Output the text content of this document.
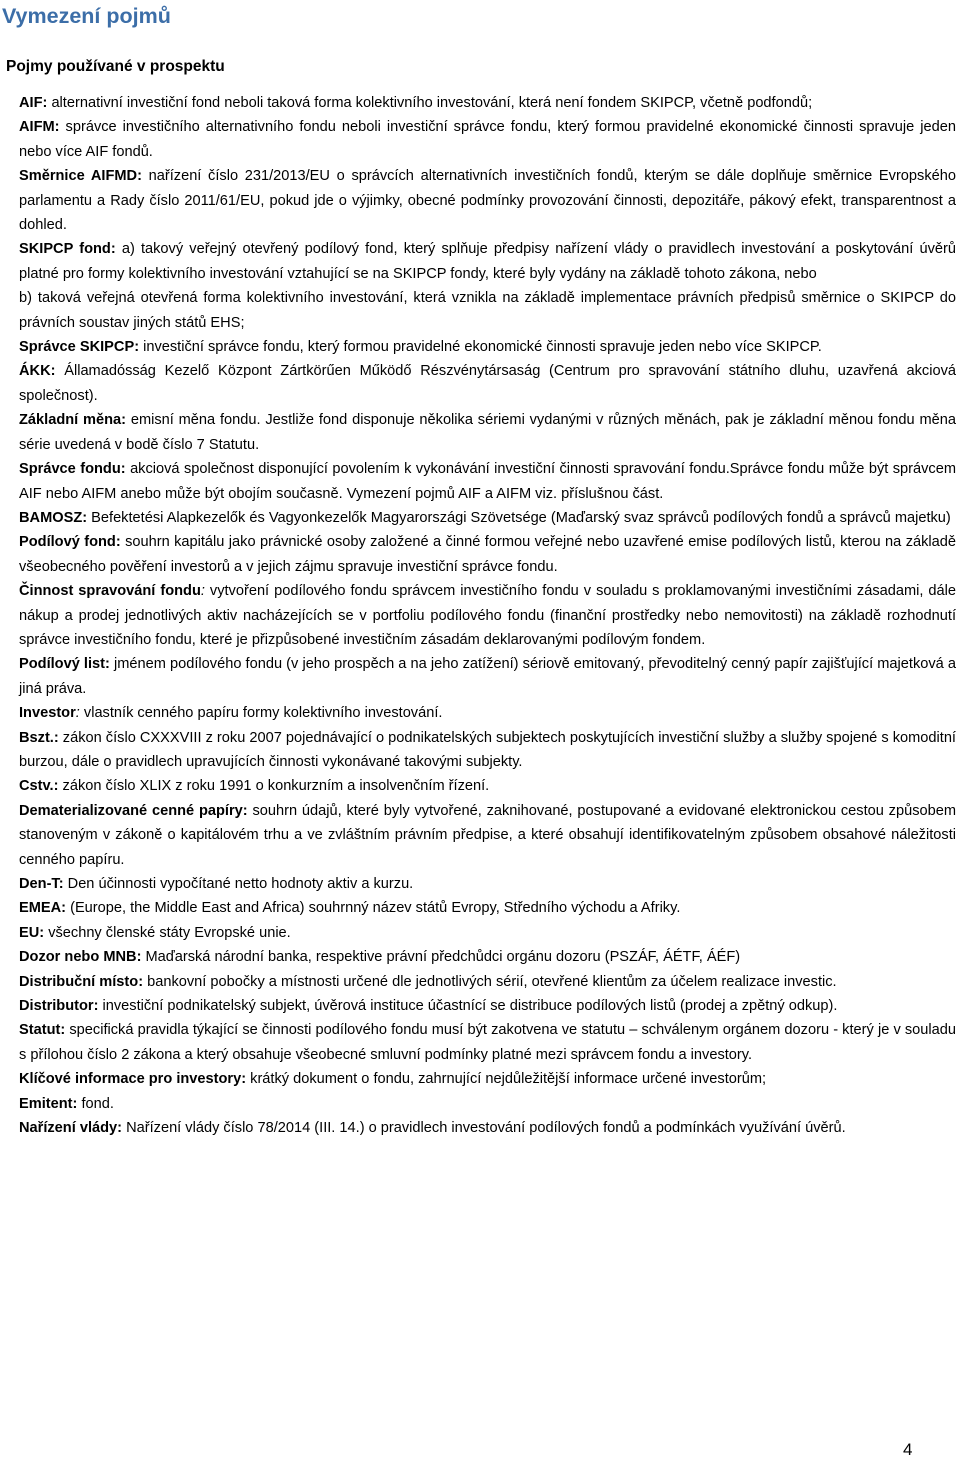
Vymezení pojmů
Pojmy používané v prospektu

AIF: alternativní investiční fond neboli taková forma kolektivního investování, která není fondem SKIPCP, včetně podfondů;

AIFM: správce investičního alternativního fondu neboli investiční správce fondu, který formou pravidelné ekonomické činnosti spravuje jeden nebo více AIF fondů.

Směrnice AIFMD: nařízení číslo 231/2013/EU o správcích alternativních investičních fondů, kterým se dále doplňuje směrnice Evropského parlamentu a Rady číslo 2011/61/EU, pokud jde o výjimky, obecné podmínky provozování činnosti, depozitáře, pákový efekt, transparentnost a dohled.

SKIPCP fond: a) takový veřejný otevřený podílový fond, který splňuje předpisy nařízení vlády o pravidlech investování a poskytování úvěrů platné pro formy kolektivního investování vztahující se na SKIPCP fondy, které byly vydány na základě tohoto zákona, nebo

b) taková veřejná otevřená forma kolektivního investování, která vznikla na základě implementace právních předpisů směrnice o SKIPCP do právních soustav jiných států EHS;

Správce SKIPCP: investiční správce fondu, který formou pravidelné ekonomické činnosti spravuje jeden nebo více SKIPCP.

ÁKK: Államadósság Kezelő Központ Zártkörűen Működő Részvénytársaság (Centrum pro spravování státního dluhu, uzavřená akciová společnost).

Základní měna: emisní měna fondu. Jestliže fond disponuje několika sériemi vydanými v různých měnách, pak je základní měnou fondu měna série uvedená v bodě číslo 7 Statutu.

Správce fondu: akciová společnost disponující povolením k vykonávání investiční činnosti spravování fondu.Správce fondu může být správcem AIF nebo AIFM anebo může být obojím současně. Vymezení pojmů AIF a AIFM viz. příslušnou část.

BAMOSZ: Befektetési Alapkezelők és Vagyonkezelők Magyarországi Szövetsége (Maďarský svaz správců podílových fondů a správců majetku)

Podílový fond: souhrn kapitálu jako právnické osoby založené a činné formou veřejné nebo uzavřené emise podílových listů, kterou na základě všeobecného pověření investorů a v jejich zájmu spravuje investiční správce fondu.

Činnost spravování fondu: vytvoření podílového fondu správcem investičního fondu v souladu s proklamovanými investičními zásadami, dále nákup a prodej jednotlivých aktiv nacházejících se v portfoliu podílového fondu (finanční prostředky nebo nemovitosti) na základě rozhodnutí správce investičního fondu, které je přizpůsobené investičním zásadám deklarovanými podílovým fondem.

Podílový list: jménem podílového fondu (v jeho prospěch a na jeho zatížení) sériově emitovaný, převoditelný cenný papír zajišťující majetková a jiná práva.

Investor: vlastník cenného papíru formy kolektivního investování.

Bszt.: zákon číslo CXXXVIII z roku 2007 pojednávající o podnikatelských subjektech poskytujících investiční služby a služby spojené s komoditní burzou, dále o pravidlech upravujících činnosti vykonávané takovými subjekty.

Cstv.: zákon číslo XLIX z roku 1991 o konkurzním a insolvenčním řízení.

Dematerializované cenné papíry: souhrn údajů, které byly vytvořené, zaknihované, postupované a evidované elektronickou cestou způsobem stanoveným v zákoně o kapitálovém trhu a ve zvláštním právním předpise, a které obsahují identifikovatelným způsobem obsahové náležitosti cenného papíru.

Den-T: Den účinnosti vypočítané netto hodnoty aktiv a kurzu.

EMEA: (Europe, the Middle East and Africa) souhrnný název států Evropy, Středního východu a Afriky.

EU: všechny členské státy Evropské unie.

Dozor nebo MNB: Maďarská národní banka, respektive právní předchůdci orgánu dozoru (PSZÁF, ÁÉTF, ÁÉF)

Distribuční místo: bankovní pobočky a místnosti určené dle jednotlivých sérií, otevřené klientům za účelem realizace investic.

Distributor: investiční podnikatelský subjekt, úvěrová instituce účastnící se distribuce podílových listů (prodej a zpětný odkup).

Statut: specifická pravidla týkající se činnosti podílového fondu musí být zakotvena ve statutu – schválenym orgánem dozoru - který je v souladu s přílohou číslo 2 zákona a který obsahuje všeobecné smluvní podmínky platné mezi správcem fondu a investory.

Klíčové informace pro investory: krátký dokument o fondu, zahrnující nejdůležitější informace určené investorům;

Emitent: fond.

Nařízení vlády: Nařízení vlády číslo 78/2014 (III. 14.) o pravidlech investování podílových fondů a podmínkách využívání úvěrů.

4
